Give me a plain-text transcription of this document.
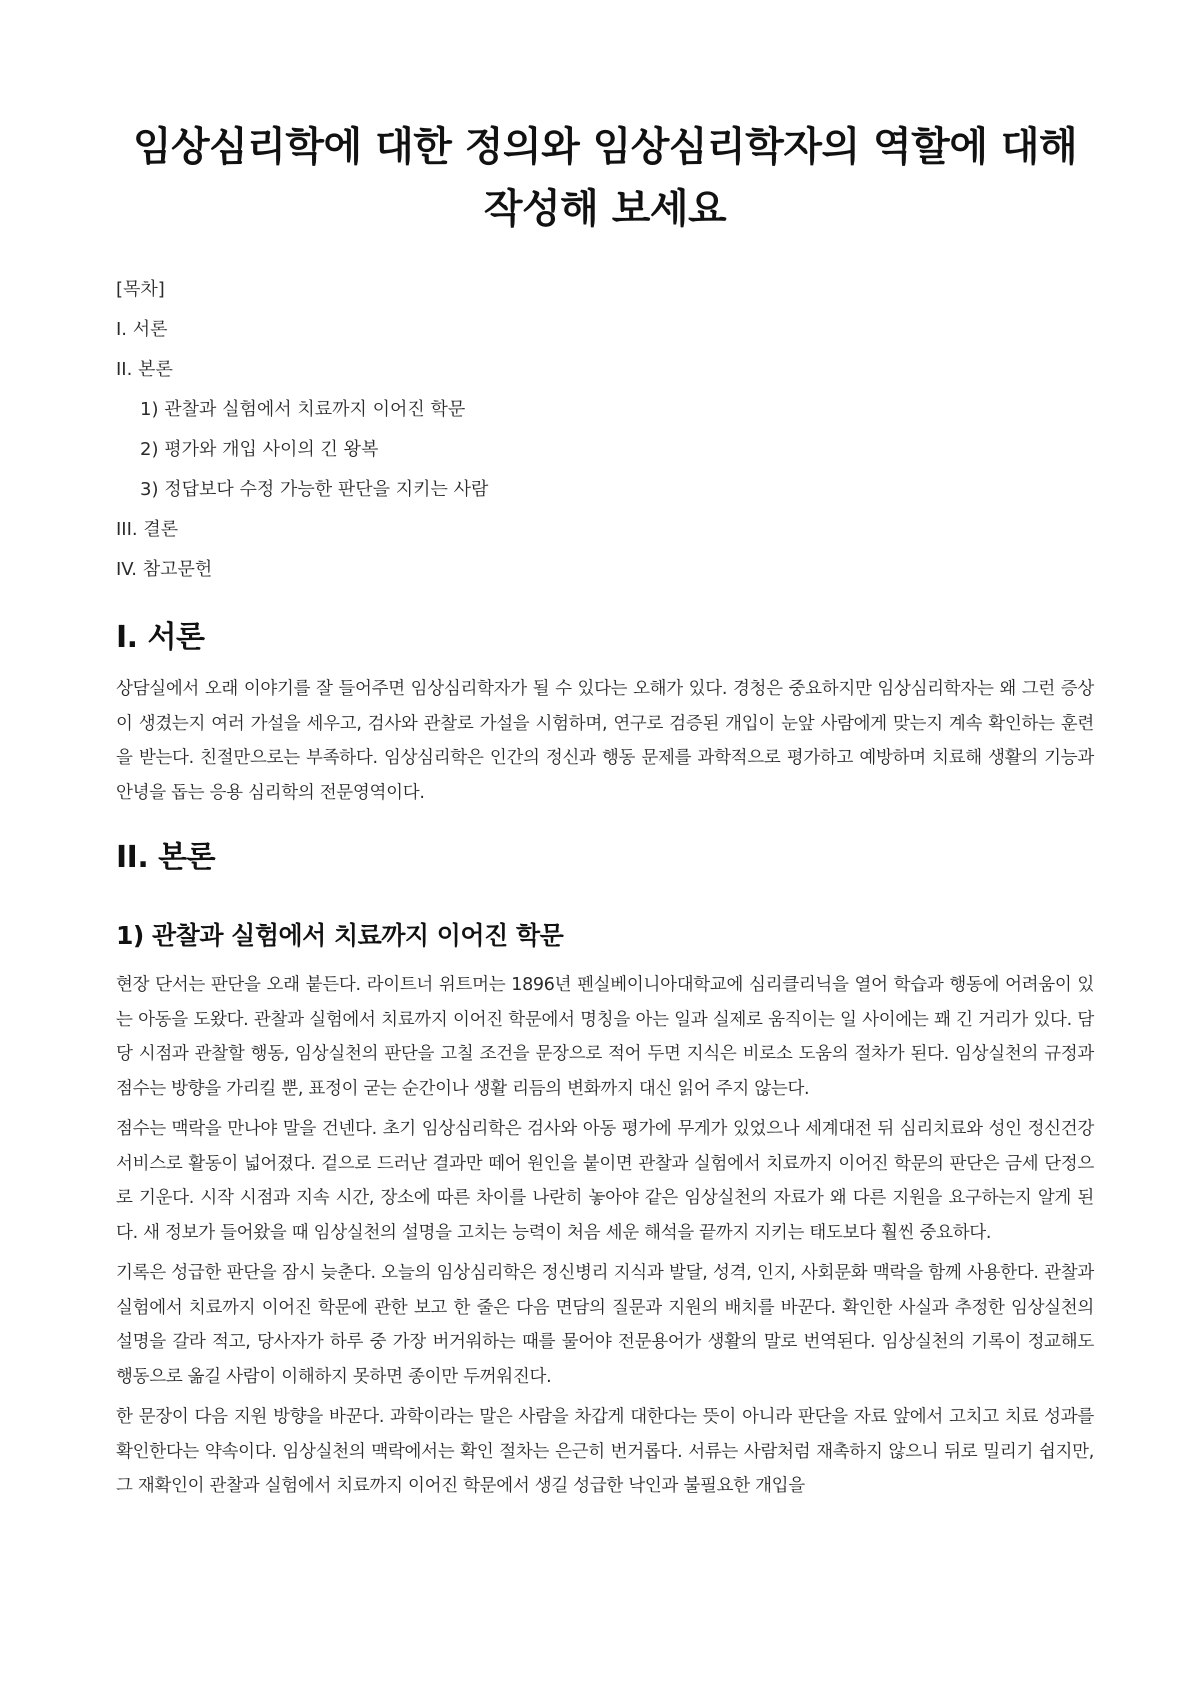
임상심리학에 대한 정의와 임상심리학자의 역할에 대해 작성해 보세요
[목차]
I. 서론
II. 본론
1) 관찰과 실험에서 치료까지 이어진 학문
2) 평가와 개입 사이의 긴 왕복
3) 정답보다 수정 가능한 판단을 지키는 사람
III. 결론
IV. 참고문헌
I. 서론

상담실에서 오래 이야기를 잘 들어주면 임상심리학자가 될 수 있다는 오해가 있다. 경청은 중요하지만 임상심리학자는 왜 그런 증상이 생겼는지 여러 가설을 세우고, 검사와 관찰로 가설을 시험하며, 연구로 검증된 개입이 눈앞 사람에게 맞는지 계속 확인하는 훈련을 받는다. 친절만으로는 부족하다. 임상심리학은 인간의 정신과 행동 문제를 과학적으로 평가하고 예방하며 치료해 생활의 기능과 안녕을 돕는 응용 심리학의 전문영역이다.

II. 본론
1) 관찰과 실험에서 치료까지 이어진 학문

현장 단서는 판단을 오래 붙든다. 라이트너 위트머는 1896년 펜실베이니아대학교에 심리클리닉을 열어 학습과 행동에 어려움이 있는 아동을 도왔다. 관찰과 실험에서 치료까지 이어진 학문에서 명칭을 아는 일과 실제로 움직이는 일 사이에는 꽤 긴 거리가 있다. 담당 시점과 관찰할 행동, 임상실천의 판단을 고칠 조건을 문장으로 적어 두면 지식은 비로소 도움의 절차가 된다. 임상실천의 규정과 점수는 방향을 가리킬 뿐, 표정이 굳는 순간이나 생활 리듬의 변화까지 대신 읽어 주지 않는다.

점수는 맥락을 만나야 말을 건넨다. 초기 임상심리학은 검사와 아동 평가에 무게가 있었으나 세계대전 뒤 심리치료와 성인 정신건강 서비스로 활동이 넓어졌다. 겉으로 드러난 결과만 떼어 원인을 붙이면 관찰과 실험에서 치료까지 이어진 학문의 판단은 금세 단정으로 기운다. 시작 시점과 지속 시간, 장소에 따른 차이를 나란히 놓아야 같은 임상실천의 자료가 왜 다른 지원을 요구하는지 알게 된다. 새 정보가 들어왔을 때 임상실천의 설명을 고치는 능력이 처음 세운 해석을 끝까지 지키는 태도보다 훨씬 중요하다.

기록은 성급한 판단을 잠시 늦춘다. 오늘의 임상심리학은 정신병리 지식과 발달, 성격, 인지, 사회문화 맥락을 함께 사용한다. 관찰과 실험에서 치료까지 이어진 학문에 관한 보고 한 줄은 다음 면담의 질문과 지원의 배치를 바꾼다. 확인한 사실과 추정한 임상실천의 설명을 갈라 적고, 당사자가 하루 중 가장 버거워하는 때를 물어야 전문용어가 생활의 말로 번역된다. 임상실천의 기록이 정교해도 행동으로 옮길 사람이 이해하지 못하면 종이만 두꺼워진다.

한 문장이 다음 지원 방향을 바꾼다. 과학이라는 말은 사람을 차갑게 대한다는 뜻이 아니라 판단을 자료 앞에서 고치고 치료 성과를 확인한다는 약속이다. 임상실천의 맥락에서는 확인 절차는 은근히 번거롭다. 서류는 사람처럼 재촉하지 않으니 뒤로 밀리기 쉽지만, 그 재확인이 관찰과 실험에서 치료까지 이어진 학문에서 생길 성급한 낙인과 불필요한 개입을
